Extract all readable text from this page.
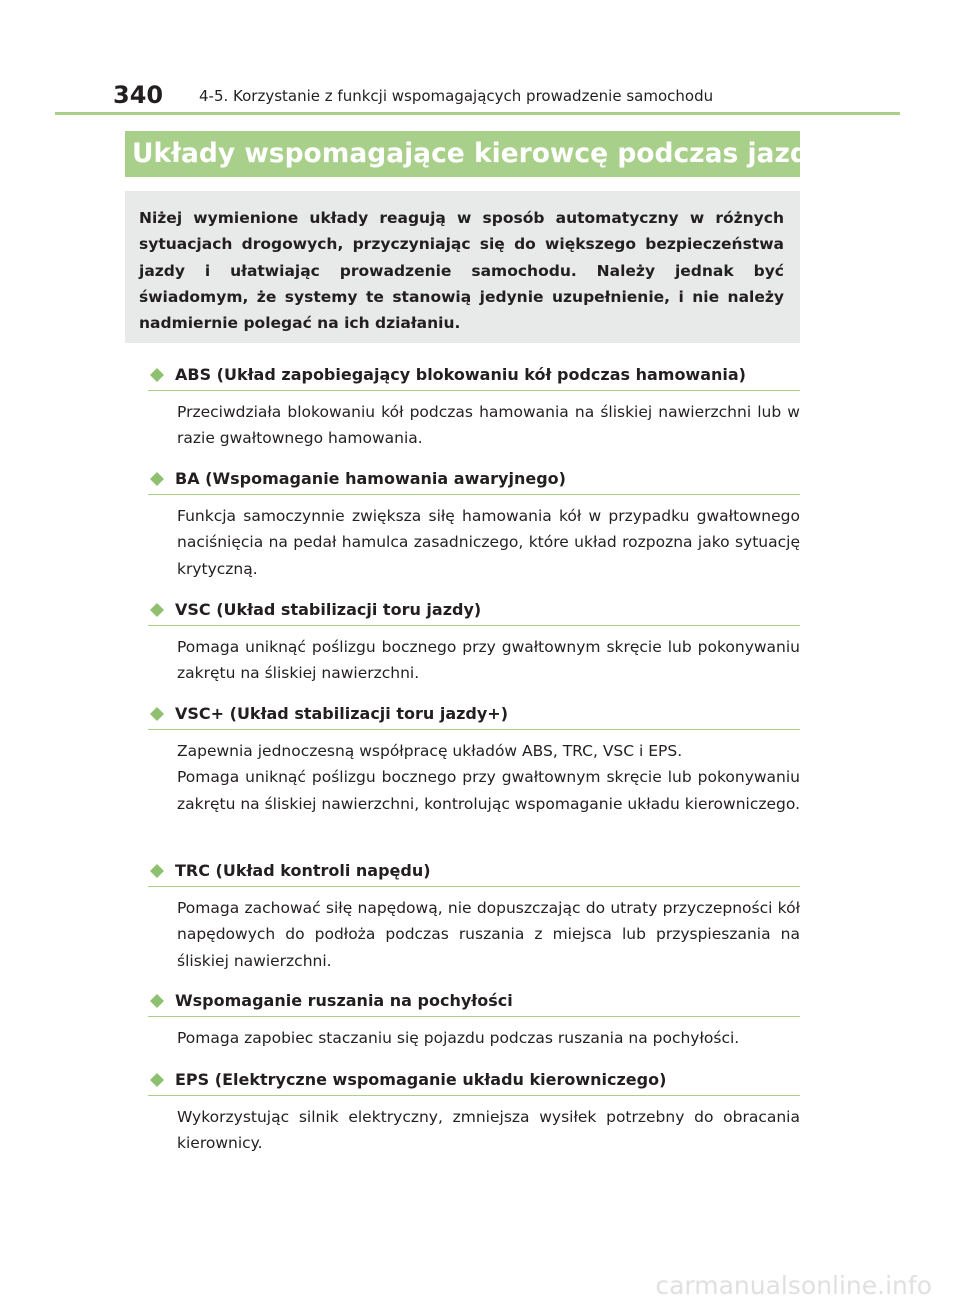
340 4-5. Korzystanie z funkcji wspomagających prowadzenie samochodu
Układy wspomagające kierowcę podczas jazdy
Niżej wymienione układy reagują w sposób automatyczny w różnych sytuacjach drogowych, przyczyniając się do większego bezpieczeństwa jazdy i ułatwiając prowadzenie samochodu. Należy jednak być świadomym, że systemy te stanowią jedynie uzupełnienie, i nie należy nadmiernie polegać na ich działaniu.
ABS (Układ zapobiegający blokowaniu kół podczas hamowania)

Przeciwdziała blokowaniu kół podczas hamowania na śliskiej nawierzchni lub w razie gwałtownego hamowania.

BA (Wspomaganie hamowania awaryjnego)

Funkcja samoczynnie zwiększa siłę hamowania kół w przypadku gwałtownego naciśnięcia na pedał hamulca zasadniczego, które układ rozpozna jako sytuację krytyczną.

VSC (Układ stabilizacji toru jazdy)

Pomaga uniknąć poślizgu bocznego przy gwałtownym skręcie lub pokonywaniu zakrętu na śliskiej nawierzchni.

VSC+ (Układ stabilizacji toru jazdy+)

Zapewnia jednoczesną współpracę układów ABS, TRC, VSC i EPS.

Pomaga uniknąć poślizgu bocznego przy gwałtownym skręcie lub pokonywaniu zakrętu na śliskiej nawierzchni, kontrolując wspomaganie układu kierowniczego.

TRC (Układ kontroli napędu)

Pomaga zachować siłę napędową, nie dopuszczając do utraty przyczepności kół napędowych do podłoża podczas ruszania z miejsca lub przyspieszania na śliskiej nawierzchni.

Wspomaganie ruszania na pochyłości

Pomaga zapobiec staczaniu się pojazdu podczas ruszania na pochyłości.

EPS (Elektryczne wspomaganie układu kierowniczego)

Wykorzystując silnik elektryczny, zmniejsza wysiłek potrzebny do obracania kierownicy.

carmanualsonline.info
